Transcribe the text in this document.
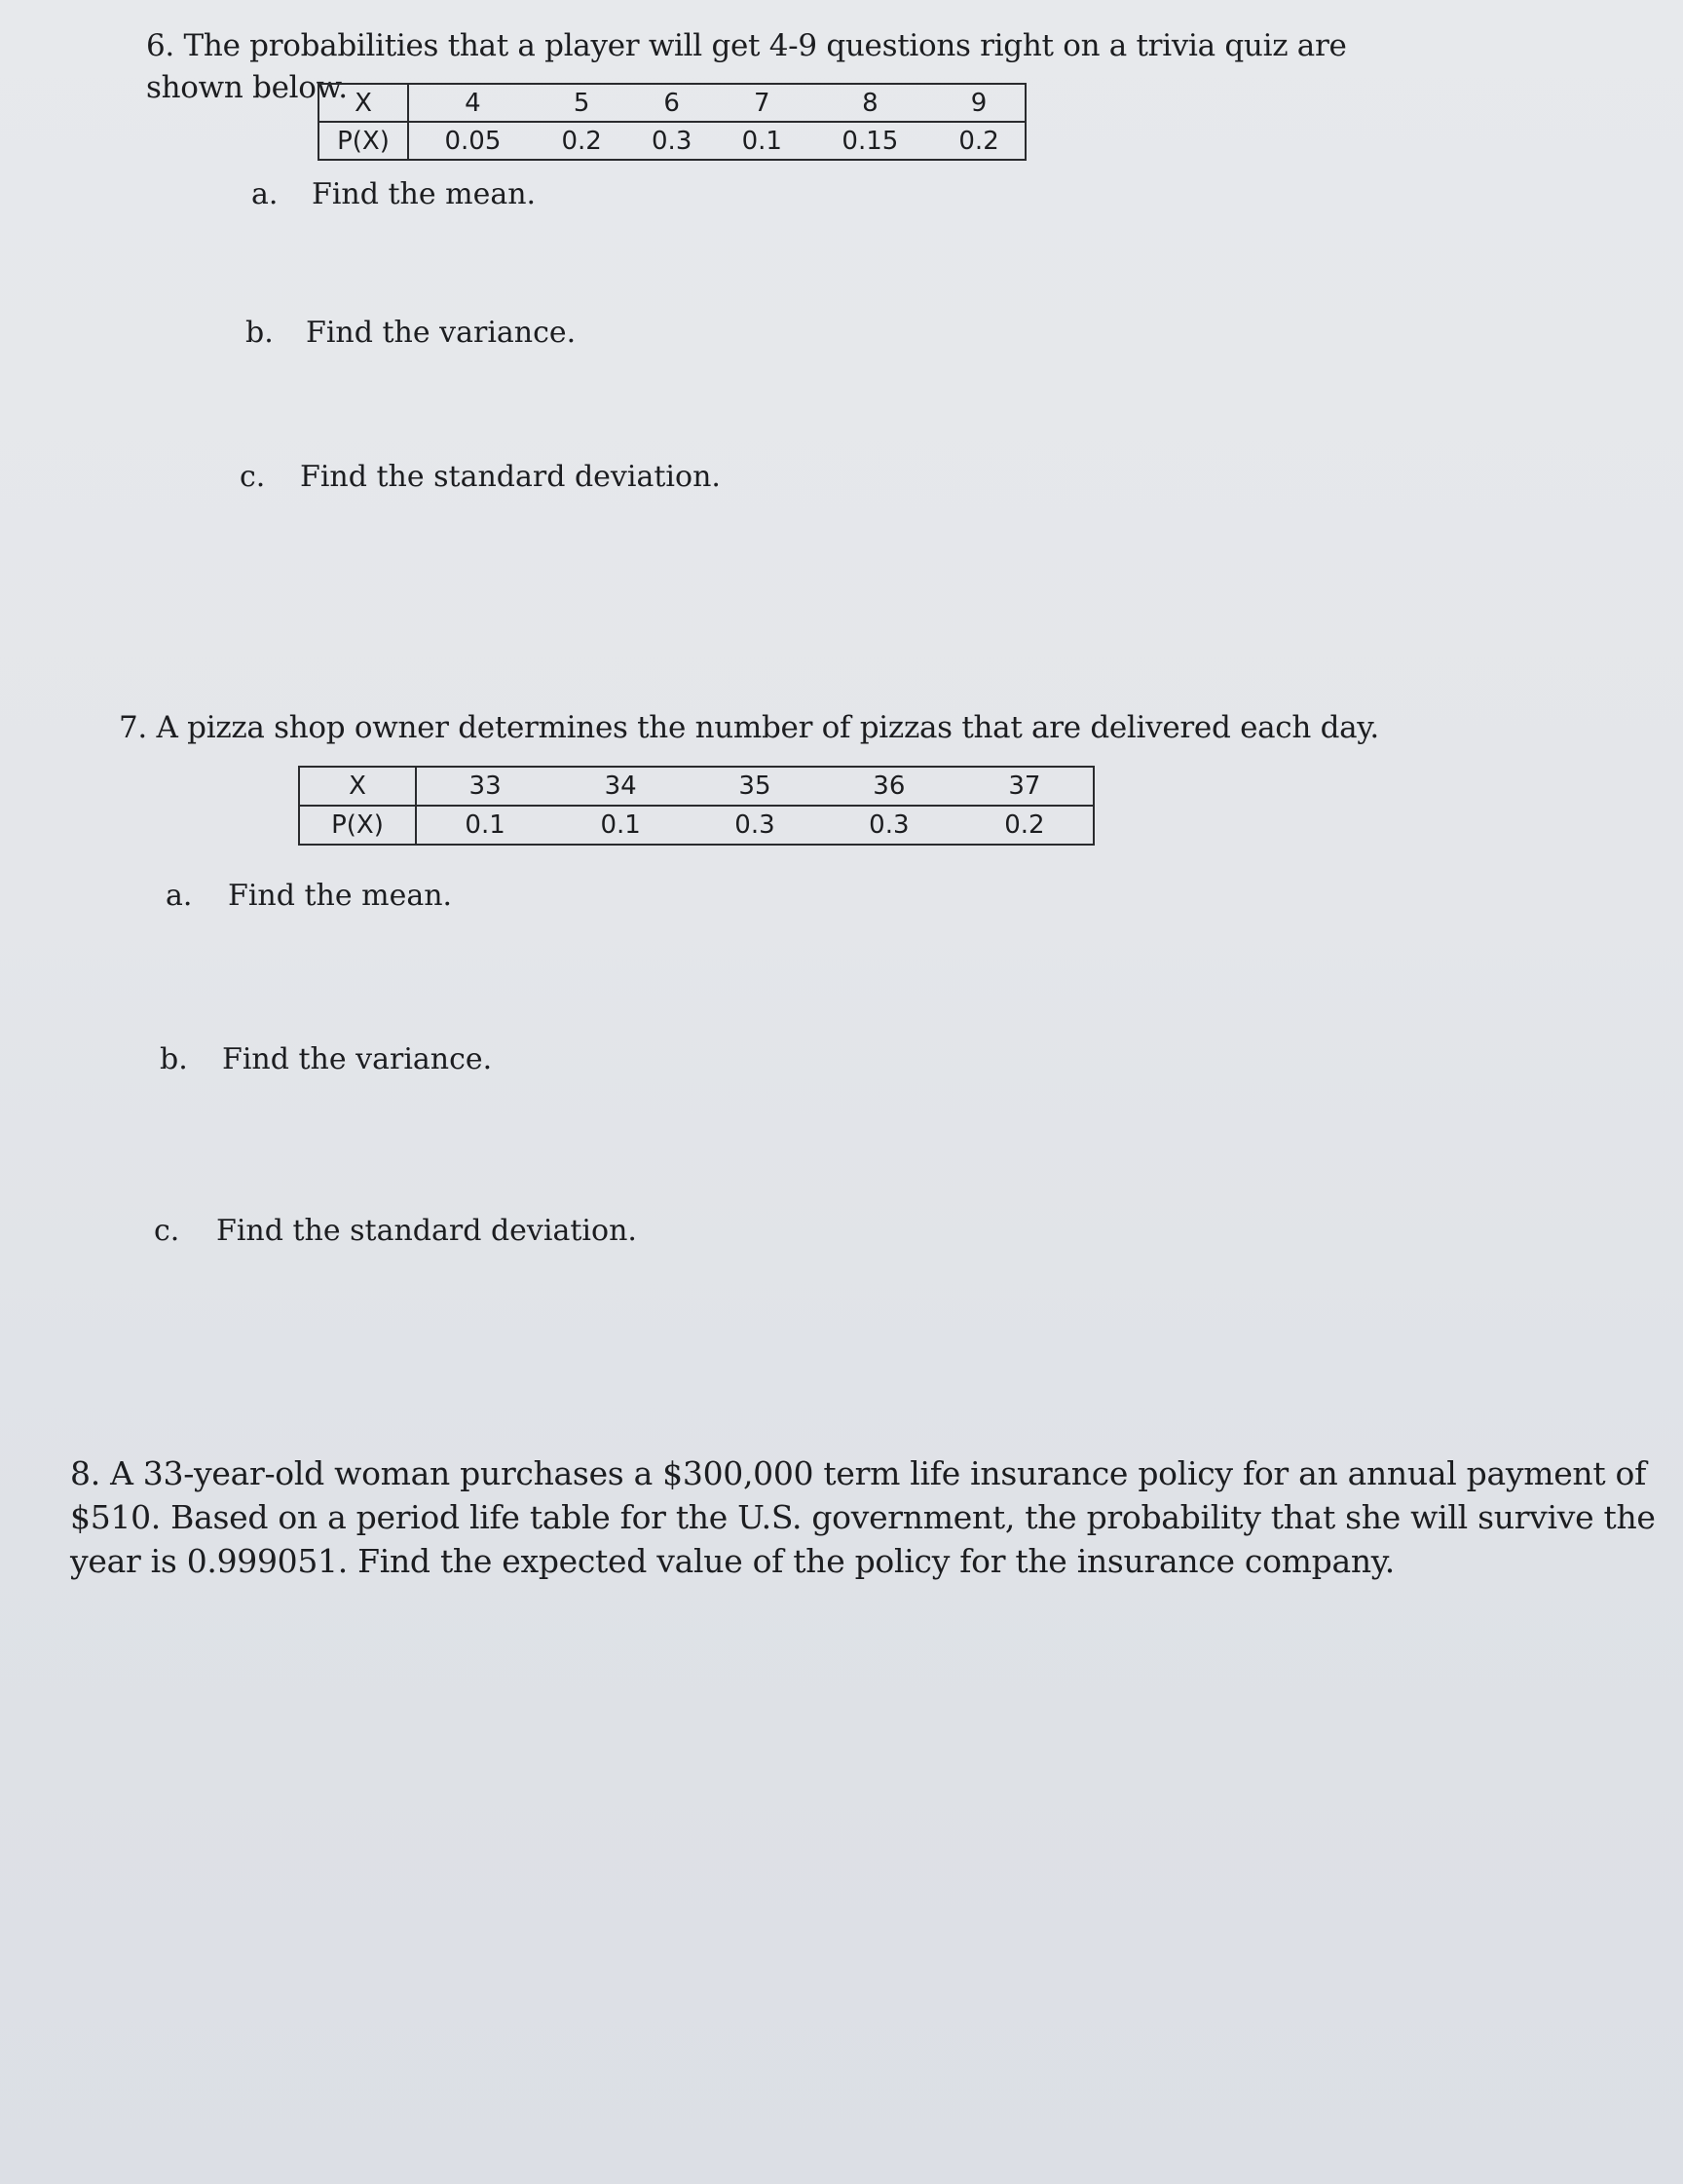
6. The probabilities that a player will get 4-9 questions right on a trivia quiz are shown below. X	4	5	6	7	8	9
P(X)	0.05	0.2	0.3	0.1	0.15	0.2
a.	Find the mean.
b.	Find the variance.
c.	Find the standard deviation.

7. A pizza shop owner determines the number of pizzas that are delivered each day.

X	33	34	35	36	37
P(X)	0.1	0.1	0.3	0.3	0.2
a.	Find the mean.
b.	Find the variance.
c.	Find the standard deviation.

8. A 33-year-old woman purchases a $300,000 term life insurance policy for an annual payment of $510. Based on a period life table for the U.S. government, the probability that she will survive the year is 0.999051. Find the expected value of the policy for the insurance company.
